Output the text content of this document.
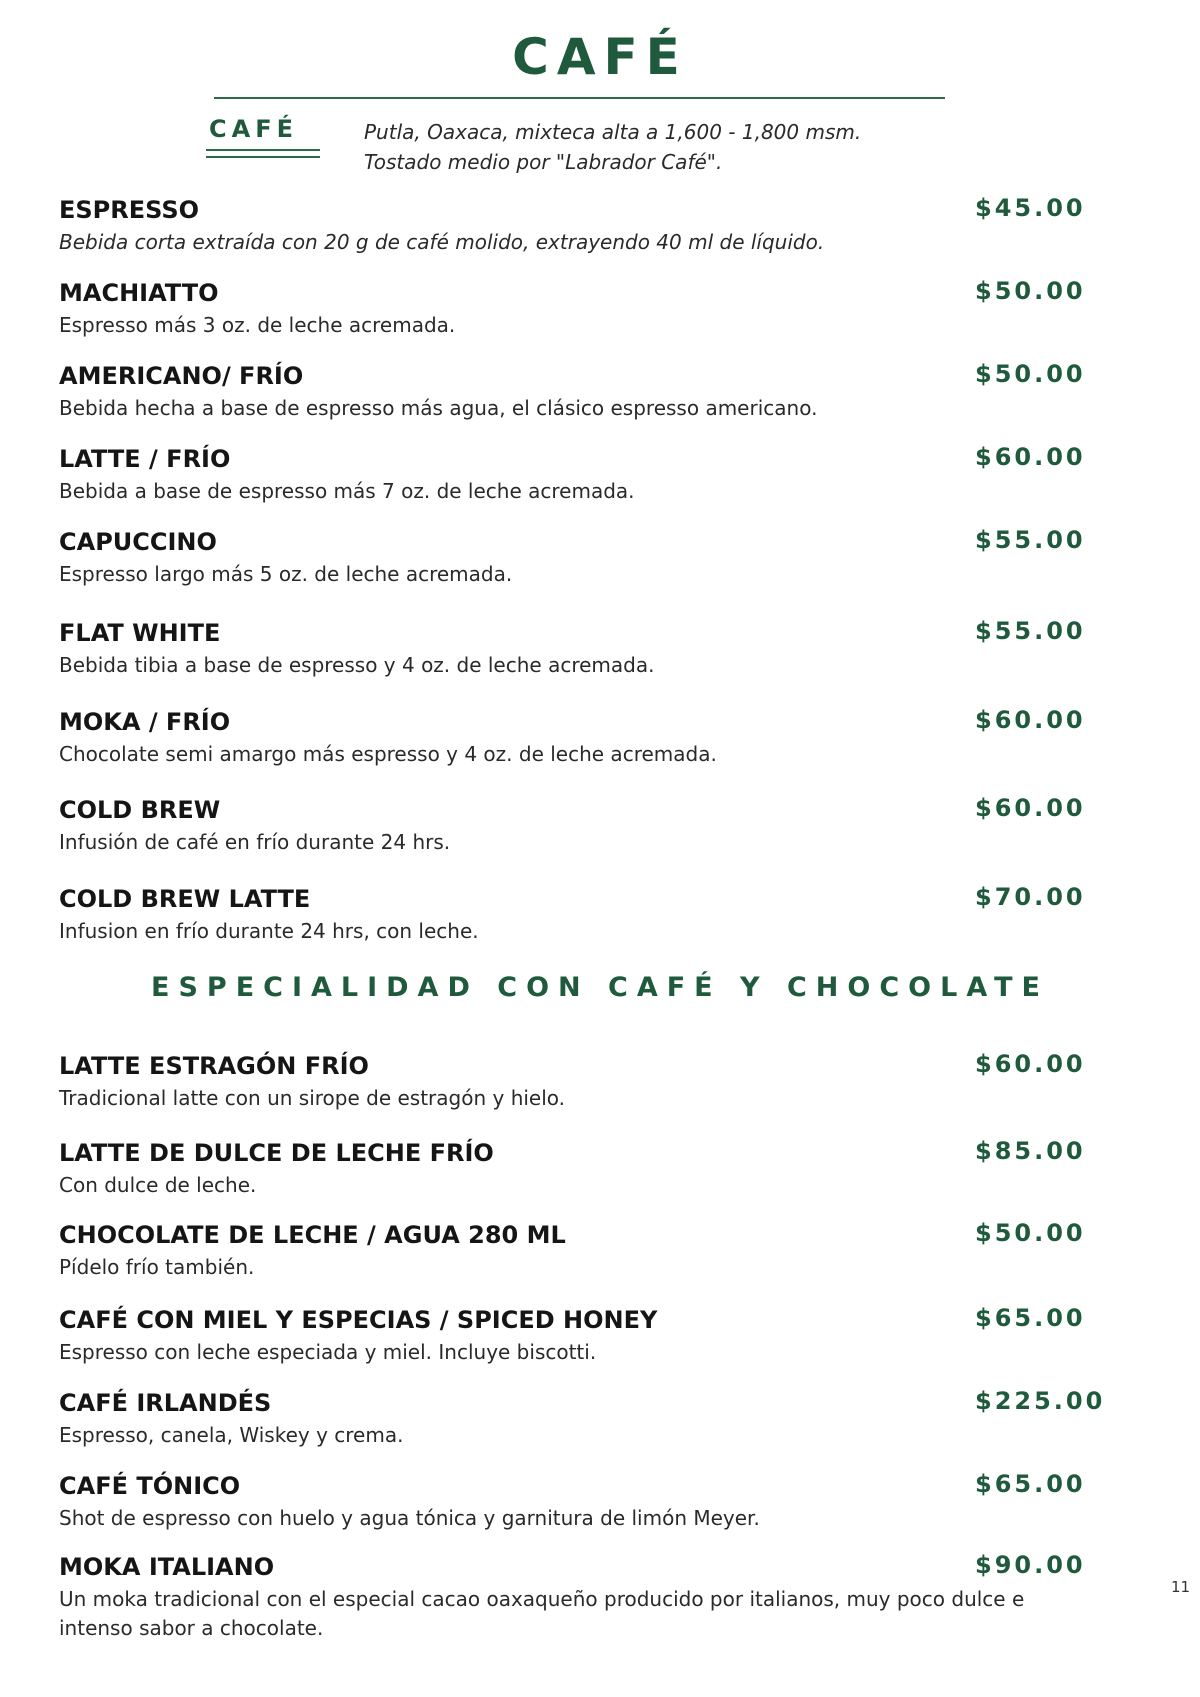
CAFÉ
CAFÉ	Putla, Oaxaca, mixteca alta a 1,600 - 1,800 msm.
Tostado medio por "Labrador Café".
ESPRESSO
Bebida corta extraída con 20 g de café molido, extrayendo 40 ml de líquido.
$45.00
MACHIATTO
Espresso más 3 oz. de leche acremada.
$50.00
AMERICANO/ FRÍO
Bebida hecha a base de espresso más agua, el clásico espresso americano.
$50.00
LATTE / FRÍO
Bebida a base de espresso más 7 oz. de leche acremada.
$60.00
CAPUCCINO
Espresso largo más 5 oz. de leche acremada.
$55.00
FLAT WHITE
Bebida tibia a base de espresso y 4 oz. de leche acremada.
$55.00
MOKA / FRÍO
Chocolate semi amargo más espresso y 4 oz. de leche acremada.
$60.00
COLD BREW
Infusión de café en frío durante 24 hrs.
$60.00
COLD BREW LATTE
Infusion en frío durante 24 hrs, con leche.
$70.00
ESPECIALIDAD CON CAFÉ Y CHOCOLATE
LATTE ESTRAGÓN FRÍO
Tradicional latte con un sirope de estragón y hielo.
$60.00
LATTE DE DULCE DE LECHE FRÍO
Con dulce de leche.
$85.00
CHOCOLATE DE LECHE / AGUA 280 ML
Pídelo frío también.
$50.00
CAFÉ CON MIEL Y ESPECIAS / SPICED HONEY
Espresso con leche especiada y miel. Incluye biscotti.
$65.00
CAFÉ IRLANDÉS
Espresso, canela, Wiskey y crema.
$225.00
CAFÉ TÓNICO
Shot de espresso con huelo y agua tónica y garnitura de limón Meyer.
$65.00
MOKA ITALIANO
Un moka tradicional con el especial cacao oaxaqueño producido por italianos, muy poco dulce e intenso sabor a chocolate.
$90.00
11
